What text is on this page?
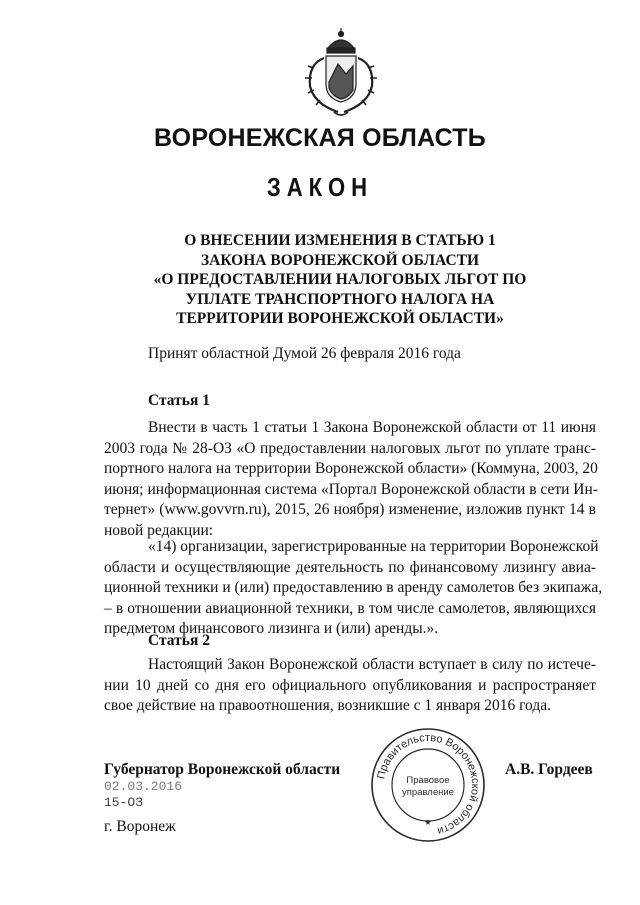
ВОРОНЕЖСКАЯ ОБЛАСТЬ
ЗАКОН
О ВНЕСЕНИИ ИЗМЕНЕНИЯ В СТАТЬЮ 1
ЗАКОНА ВОРОНЕЖСКОЙ ОБЛАСТИ
«О ПРЕДОСТАВЛЕНИИ НАЛОГОВЫХ ЛЬГОТ ПО
УПЛАТЕ ТРАНСПОРТНОГО НАЛОГА НА
ТЕРРИТОРИИ ВОРОНЕЖСКОЙ ОБЛАСТИ»
Принят областной Думой 26 февраля 2016 года
Статья 1
Внести в часть 1 статьи 1 Закона Воронежской области от 11 июня
2003 года № 28-ОЗ «О предоставлении налоговых льгот по уплате транс-
портного налога на территории Воронежской области» (Коммуна, 2003, 20
июня; информационная система «Портал Воронежской области в сети Ин-
тернет» (www.govvrn.ru), 2015, 26 ноября) изменение, изложив пункт 14 в
новой редакции:
«14) организации, зарегистрированные на территории Воронежской
области и осуществляющие деятельность по финансовому лизингу авиа-
ционной техники и (или) предоставлению в аренду самолетов без экипажа,
– в отношении авиационной техники, в том числе самолетов, являющихся
предметом финансового лизинга и (или) аренды.».
Статья 2
Настоящий Закон Воронежской области вступает в силу по истече-
нии 10 дней со дня его официального опубликования и распространяет
свое действие на правоотношения, возникшие с 1 января 2016 года.
Губернатор Воронежской области	А.В. Гордеев
02.03.2016
15-ОЗ
г. Воронеж
Правительство Воронежской области
Правовое
управление
★
